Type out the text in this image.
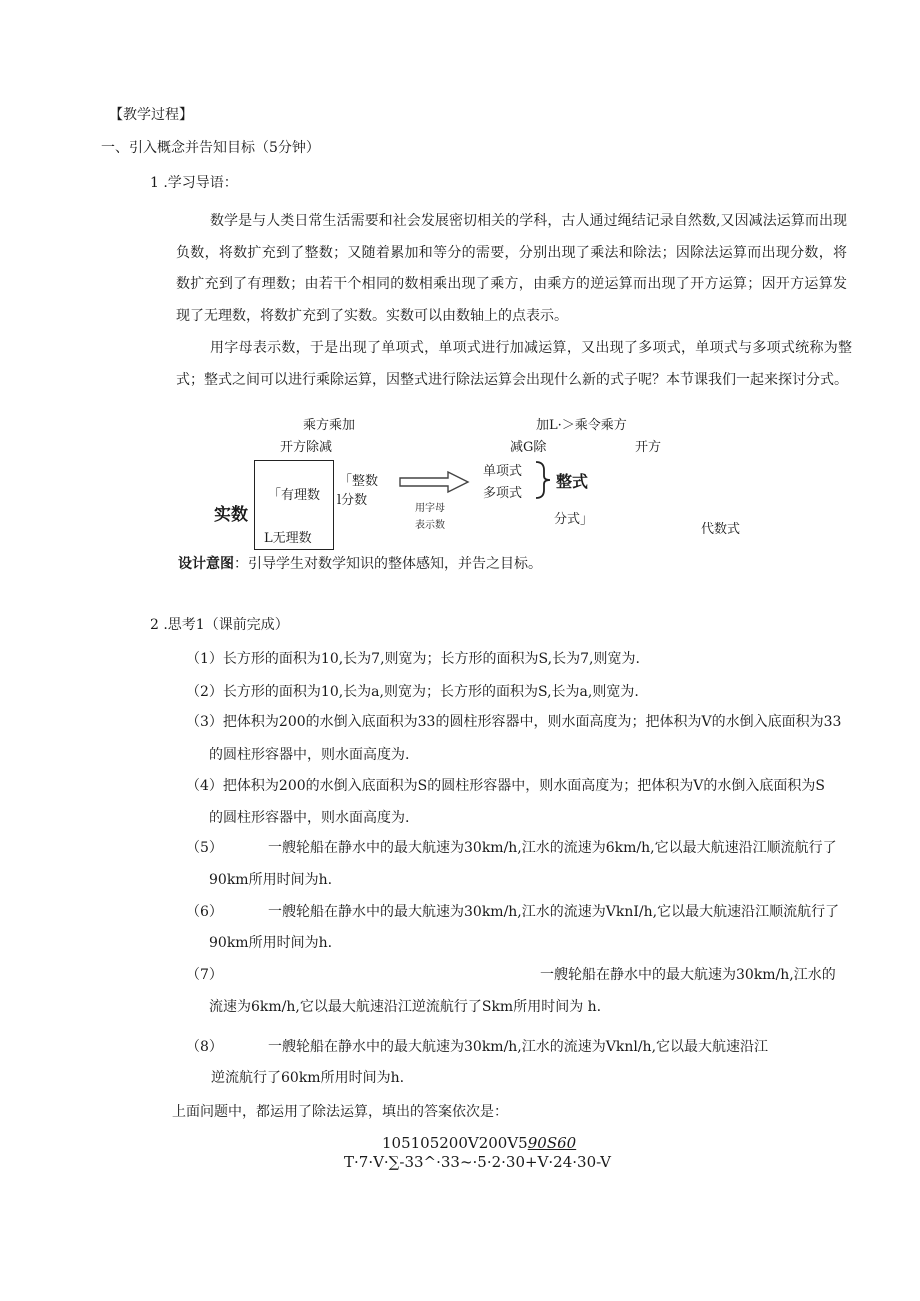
【教学过程】
一、引入概念并告知目标（5分钟）
1 .学习导语：
数学是与人类日常生活需要和社会发展密切相关的学科，古人通过绳结记录自然数,又因减法运算而出现负数，将数扩充到了整数；又随着累加和等分的需要，分别出现了乘法和除法；因除法运算而出现分数，将数扩充到了有理数；由若干个相同的数相乘出现了乘方，由乘方的逆运算而出现了开方运算；因开方运算发现了无理数，将数扩充到了实数。实数可以由数轴上的点表示。
用字母表示数，于是出现了单项式，单项式进行加减运算，又出现了多项式，单项式与多项式统称为整式；整式之间可以进行乘除运算，因整式进行除法运算会出现什么新的式子呢？本节课我们一起来探讨分式。
乘方乘加
开方除减
加L·＞乘令乘方
减G除	开方
实数
「有理数
L无理数
「整数
l分数
用字母
表示数
单项式
多项式
整式
分式」
代数式
设计意图：引导学生对数学知识的整体感知，并告之目标。
2 .思考1（课前完成）
（1）长方形的面积为10,长为7,则宽为；长方形的面积为S,长为7,则宽为.
（2）长方形的面积为10,长为a,则宽为；长方形的面积为S,长为a,则宽为.
（3）把体积为200的水倒入底面积为33的圆柱形容器中，则水面高度为；把体积为V的水倒入底面积为33
的圆柱形容器中，则水面高度为.
（4）把体积为200的水倒入底面积为S的圆柱形容器中，则水面高度为；把体积为V的水倒入底面积为S
的圆柱形容器中，则水面高度为.
（5）	一艘轮船在静水中的最大航速为30km/h,江水的流速为6km/h,它以最大航速沿江顺流航行了
90km所用时间为h.
（6）	一艘轮船在静水中的最大航速为30km/h,江水的流速为VknI/h,它以最大航速沿江顺流航行了
90km所用时间为h.
（7）	一艘轮船在静水中的最大航速为30km/h,江水的
流速为6km/h,它以最大航速沿江逆流航行了Skm所用时间为 h.
（8）	一艘轮船在静水中的最大航速为30km/h,江水的流速为Vknl/h,它以最大航速沿江
逆流航行了60km所用时间为h.
上面问题中，都运用了除法运算，填出的答案依次是：
105105200V200V590S60
T·7·V·∑-33^·33~·5·2·30+V·24·30-V
